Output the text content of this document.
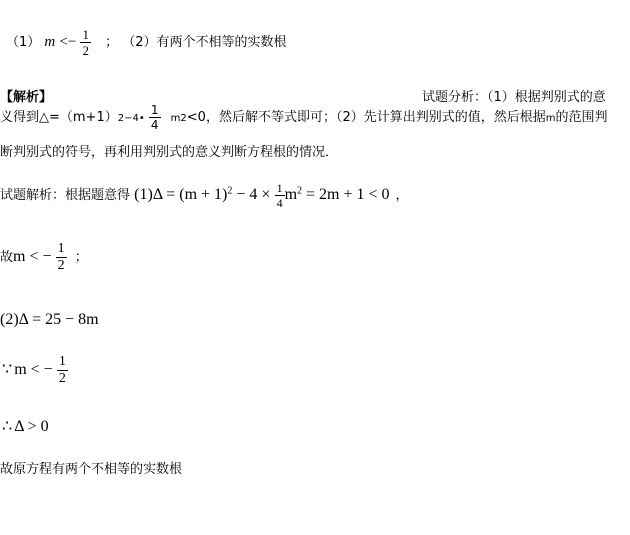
（1） $m <- \frac{1}{2}$ ； （2）有两个不相等的实数根
【解析】	试题分析：（1）根据判别式的意
义得到△=（m+1）2−4• $\frac{1}{4} m2<0$，然后解不等式即可；（2）先计算出判别式的值，然后根据m的范围判
断判别式的符号，再利用判别式的意义判断方程根的情况．
试题解析：根据题意得 $(1)\Delta = (m + 1)^2 - 4 \times \frac{1}{4} m^2 = 2m + 1 < 0$ ，
故m < − $\frac{1}{2}$ ；
(2)Δ = 25 − 8m
∵ m < − $\frac{1}{2}$
∴ Δ > 0
故原方程有两个不相等的实数根
